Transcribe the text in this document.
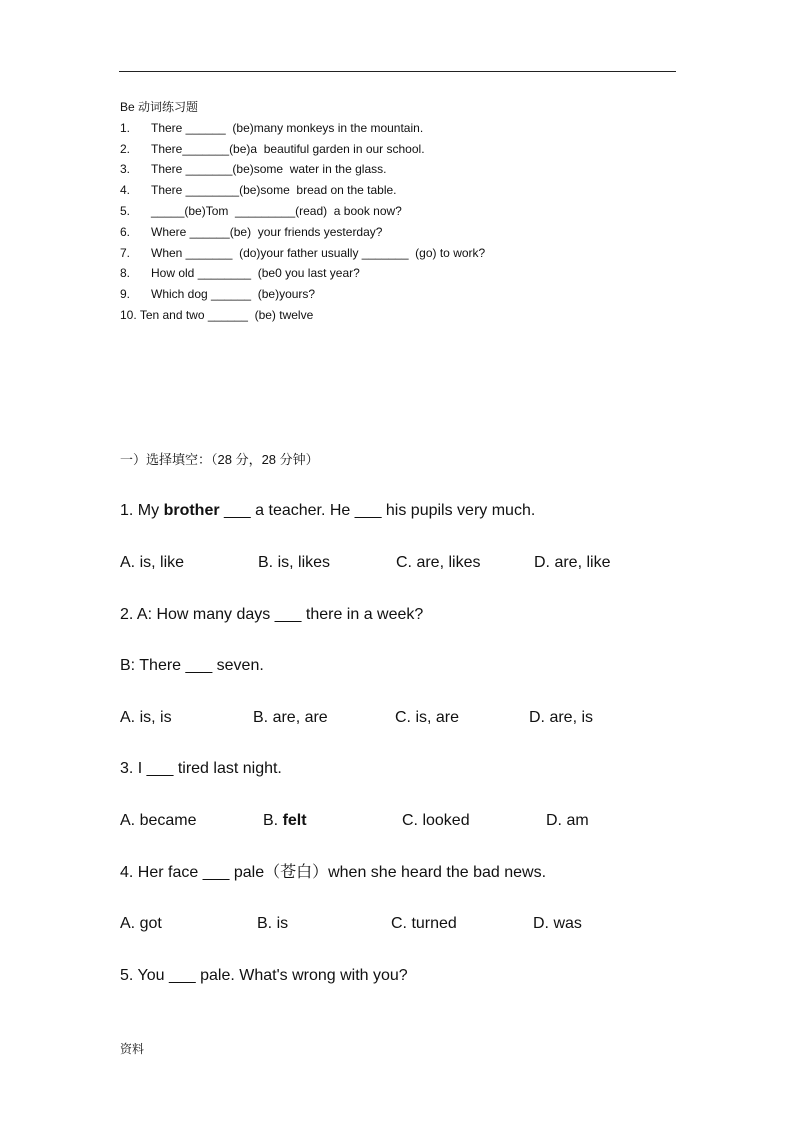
Be 动词练习题
1. There ______  (be)many monkeys in the mountain.
2. There_______(be)a  beautiful garden in our school.
3. There _______(be)some  water in the glass.
4. There ________(be)some  bread on the table.
5. _____(be)Tom  _________(read)  a book now?
6. Where ______(be)  your friends yesterday?
7. When _______  (do)your father usually _______  (go) to work?
8. How old ________  (be0 you last year?
9. Which dog ______  (be)yours?
10. Ten and two ______  (be) twelve
一）选择填空：（28 分，28 分钟）
1. My brother ___ a teacher. He ___ his pupils very much.
A. is, like	B. is, likes	C. are, likes	D. are, like
2. A: How many days ___ there in a week?
B: There ___ seven.
A. is, is	B. are, are	C. is, are	D. are, is
3. I ___ tired last night.
A. became	B. felt	C. looked	D. am
4. Her face ___ pale（苍白）when she heard the bad news.
A. got	B. is	C. turned	D. was
5. You ___ pale. What's wrong with you?
资料
